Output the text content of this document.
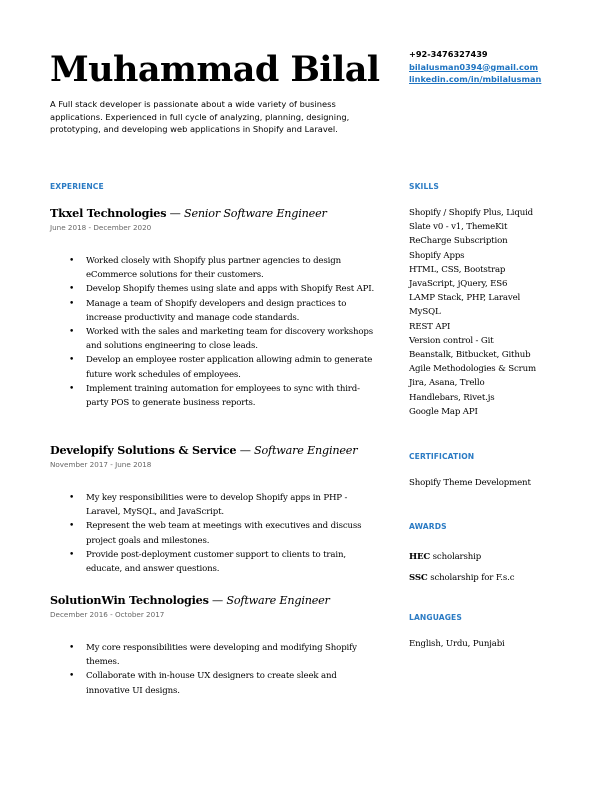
Muhammad Bilal
A Full stack developer is passionate about a wide variety of business applications. Experienced in full cycle of analyzing, planning, designing, prototyping, and developing web applications in Shopify and Laravel.
+92-3476327439
bilalusman0394@gmail.com
linkedin.com/in/mbilalusman
EXPERIENCE
Tkxel Technologies — Senior Software Engineer
June 2018 - December 2020
• Worked closely with Shopify plus partner agencies to design eCommerce solutions for their customers.
• Develop Shopify themes using slate and apps with Shopify Rest API.
• Manage a team of Shopify developers and design practices to increase productivity and manage code standards.
• Worked with the sales and marketing team for discovery workshops and solutions engineering to close leads.
• Develop an employee roster application allowing admin to generate future work schedules of employees.
• Implement training automation for employees to sync with third-party POS to generate business reports.
Developify Solutions & Service — Software Engineer
November 2017 - June 2018
• My key responsibilities were to develop Shopify apps in PHP - Laravel, MySQL, and JavaScript.
• Represent the web team at meetings with executives and discuss project goals and milestones.
• Provide post-deployment customer support to clients to train, educate, and answer questions.
SolutionWin Technologies — Software Engineer
December 2016 - October 2017
• My core responsibilities were developing and modifying Shopify themes.
• Collaborate with in-house UX designers to create sleek and innovative UI designs.
SKILLS
Shopify / Shopify Plus, Liquid
Slate v0 - v1, ThemeKit
ReCharge Subscription
Shopify Apps
HTML, CSS, Bootstrap
JavaScript, jQuery, ES6
LAMP Stack, PHP, Laravel
MySQL
REST API
Version control - Git
Beanstalk, Bitbucket, Github
Agile Methodologies & Scrum
Jira, Asana, Trello
Handlebars, Rivet.js
Google Map API
CERTIFICATION
Shopify Theme Development
AWARDS
HEC scholarship
SSC scholarship for F.s.c
LANGUAGES
English, Urdu, Punjabi
